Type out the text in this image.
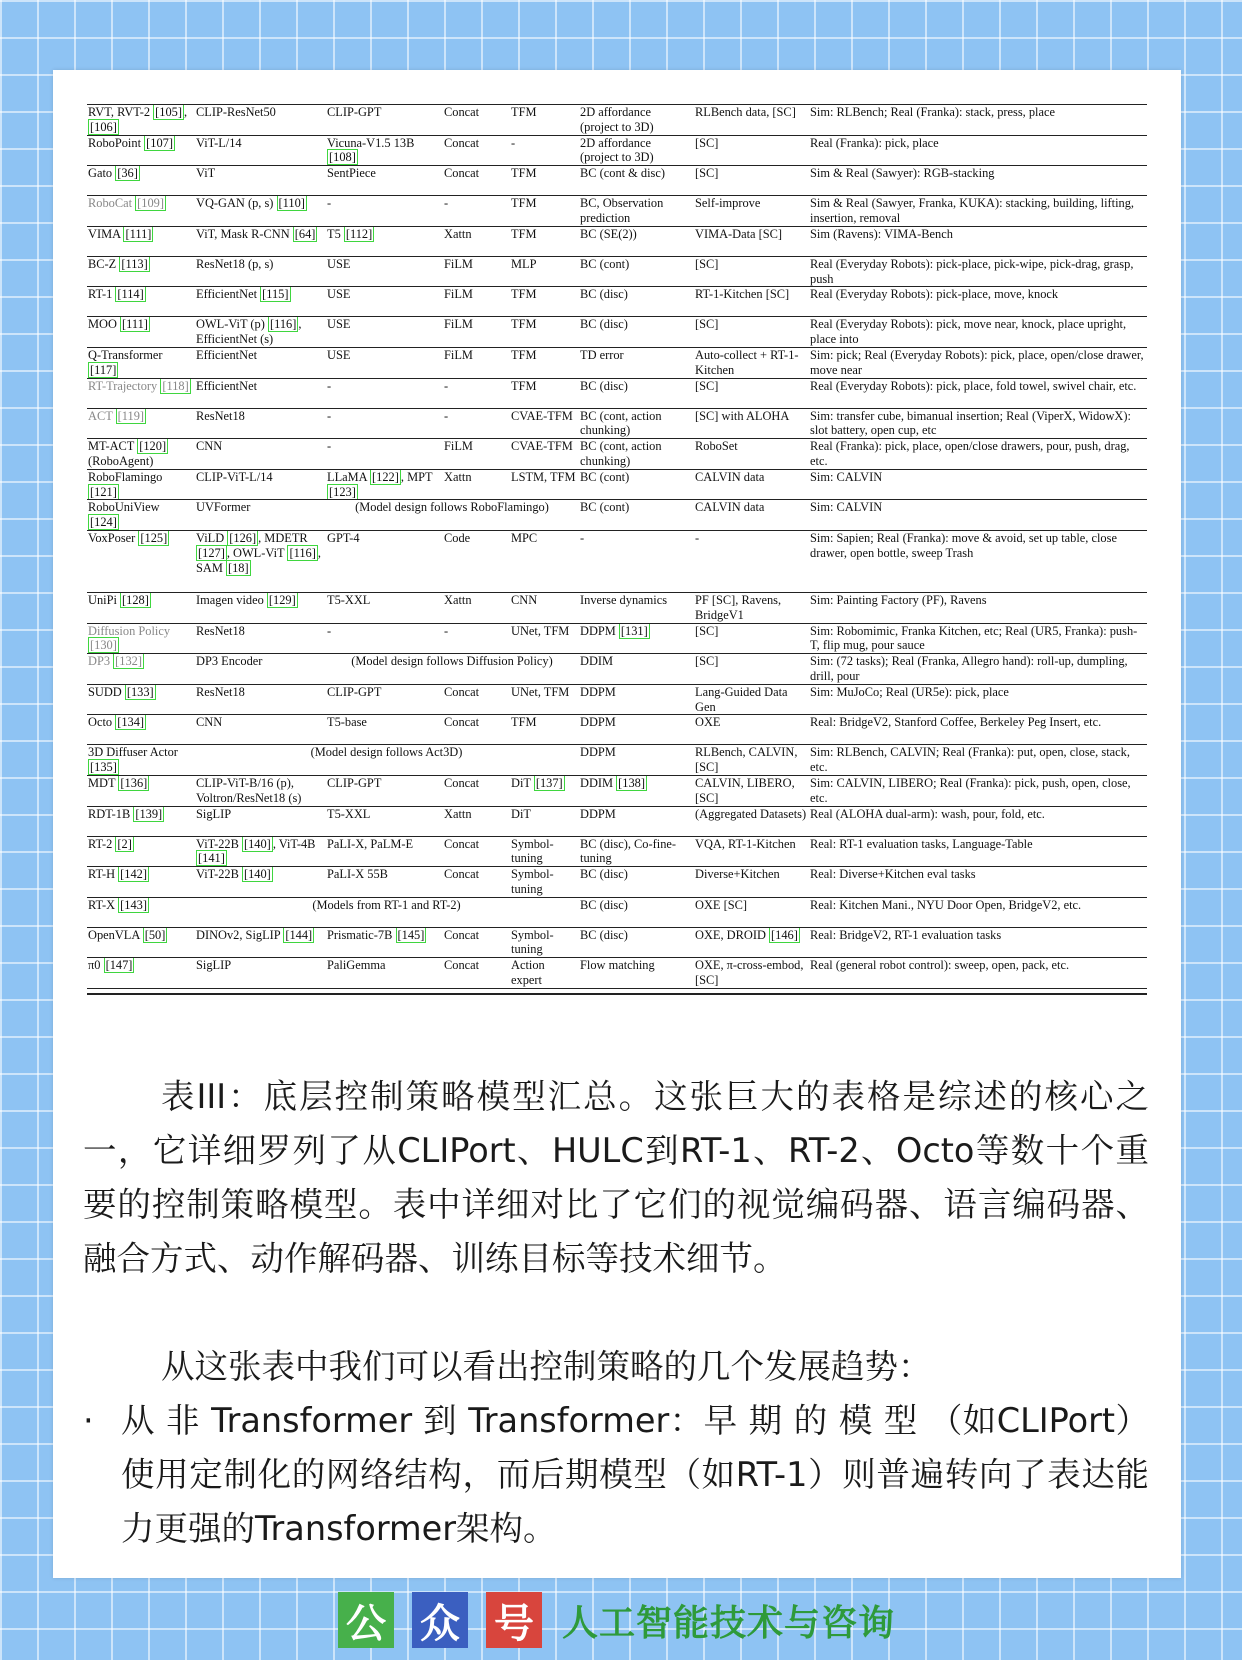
RVT, RVT-2 [105] , [106]	CLIP-ResNet50	CLIP-GPT	Concat	TFM	2D affordance (project to 3D)	RLBench data, [SC]	Sim: RLBench; Real (Franka): stack, press, place
RoboPoint [107]	ViT-L/14	Vicuna-V1.5 13B [108]	Concat	-	2D affordance (project to 3D)	[SC]	Real (Franka): pick, place
Gato [36]	ViT	SentPiece	Concat	TFM	BC (cont & disc)	[SC]	Sim & Real (Sawyer): RGB-stacking
RoboCat [109]	VQ-GAN (p, s) [110]	-	-	TFM	BC, Observation prediction	Self-improve	Sim & Real (Sawyer, Franka, KUKA): stacking, building, lifting, insertion, removal
VIMA [111]	ViT, Mask R-CNN [64]	T5 [112]	Xattn	TFM	BC (SE(2))	VIMA-Data [SC]	Sim (Ravens): VIMA-Bench
BC-Z [113]	ResNet18 (p, s)	USE	FiLM	MLP	BC (cont)	[SC]	Real (Everyday Robots): pick-place, pick-wipe, pick-drag, grasp, push
RT-1 [114]	EfficientNet [115]	USE	FiLM	TFM	BC (disc)	RT-1-Kitchen [SC]	Real (Everyday Robots): pick-place, move, knock
MOO [111]	OWL-ViT (p) [116] , EfficientNet (s)	USE	FiLM	TFM	BC (disc)	[SC]	Real (Everyday Robots): pick, move near, knock, place upright, place into
Q-Transformer [117]	EfficientNet	USE	FiLM	TFM	TD error	Auto-collect + RT-1-Kitchen	Sim: pick; Real (Everyday Robots): pick, place, open/close drawer, move near
RT-Trajectory [118]	EfficientNet	-	-	TFM	BC (disc)	[SC]	Real (Everyday Robots): pick, place, fold towel, swivel chair, etc.
ACT [119]	ResNet18	-	-	CVAE-TFM	BC (cont, action chunking)	[SC] with ALOHA	Sim: transfer cube, bimanual insertion; Real (ViperX, WidowX): slot battery, open cup, etc
MT-ACT [120] (RoboAgent)	CNN	-	FiLM	CVAE-TFM	BC (cont, action chunking)	RoboSet	Real (Franka): pick, place, open/close drawers, pour, push, drag, etc.
RoboFlamingo [121]	CLIP-ViT-L/14	LLaMA [122] , MPT [123]	Xattn	LSTM, TFM	BC (cont)	CALVIN data	Sim: CALVIN
RoboUniView [124]	UVFormer	(Model design follows RoboFlamingo)			BC (cont)	CALVIN data	Sim: CALVIN
VoxPoser [125]	ViLD [126] , MDETR [127] , OWL-ViT [116] , SAM [18]	GPT-4	Code	MPC	-	-	Sim: Sapien; Real (Franka): move & avoid, set up table, close drawer, open bottle, sweep Trash
UniPi [128]	Imagen video [129]	T5-XXL	Xattn	CNN	Inverse dynamics	PF [SC], Ravens, BridgeV1	Sim: Painting Factory (PF), Ravens
Diffusion Policy [130]	ResNet18	-	-	UNet, TFM	DDPM [131]	[SC]	Sim: Robomimic, Franka Kitchen, etc; Real (UR5, Franka): push-T, flip mug, pour sauce
DP3 [132]	DP3 Encoder	(Model design follows Diffusion Policy)			DDIM	[SC]	Sim: (72 tasks); Real (Franka, Allegro hand): roll-up, dumpling, drill, pour
SUDD [133]	ResNet18	CLIP-GPT	Concat	UNet, TFM	DDPM	Lang-Guided Data Gen	Sim: MuJoCo; Real (UR5e): pick, place
Octo [134]	CNN	T5-base	Concat	TFM	DDPM	OXE	Real: BridgeV2, Stanford Coffee, Berkeley Peg Insert, etc.
3D Diffuser Actor [135]	(Model design follows Act3D)				DDPM	RLBench, CALVIN, [SC]	Sim: RLBench, CALVIN; Real (Franka): put, open, close, stack, etc.
MDT [136]	CLIP-ViT-B/16 (p), Voltron/ResNet18 (s)	CLIP-GPT	Concat	DiT [137]	DDIM [138]	CALVIN, LIBERO, [SC]	Sim: CALVIN, LIBERO; Real (Franka): pick, push, open, close, etc.
RDT-1B [139]	SigLIP	T5-XXL	Xattn	DiT	DDPM	(Aggregated Datasets)	Real (ALOHA dual-arm): wash, pour, fold, etc.
RT-2 [2]	ViT-22B [140] , ViT-4B [141]	PaLI-X, PaLM-E	Concat	Symbol-tuning	BC (disc), Co-fine-tuning	VQA, RT-1-Kitchen	Real: RT-1 evaluation tasks, Language-Table
RT-H [142]	ViT-22B [140]	PaLI-X 55B	Concat	Symbol-tuning	BC (disc)	Diverse+Kitchen	Real: Diverse+Kitchen eval tasks
RT-X [143]	(Models from RT-1 and RT-2)				BC (disc)	OXE [SC]	Real: Kitchen Mani., NYU Door Open, BridgeV2, etc.
OpenVLA [50]	DINOv2, SigLIP [144]	Prismatic-7B [145]	Concat	Symbol-tuning	BC (disc)	OXE, DROID [146]	Real: BridgeV2, RT-1 evaluation tasks
π0 [147]	SigLIP	PaliGemma	Concat	Action expert	Flow matching	OXE, π-cross-embod, [SC]	Real (general robot control): sweep, open, pack, etc.

表III：底层控制策略模型汇总。这张巨大的表格是综述的核心之一，它详细罗列了从CLIPort、HULC到RT-1、RT-2、Octo等数十个重要的控制策略模型。表中详细对比了它们的视觉编码器、语言编码器、融合方式、动作解码器、训练目标等技术细节。

从这张表中我们可以看出控制策略的几个发展趋势：

· 从 非 Transformer 到 Transformer：早 期 的 模 型 （如CLIPort）使用定制化的网络结构，而后期模型（如RT-1）则普遍转向了表达能力更强的Transformer架构。
公 众 号 人工智能技术与咨询
